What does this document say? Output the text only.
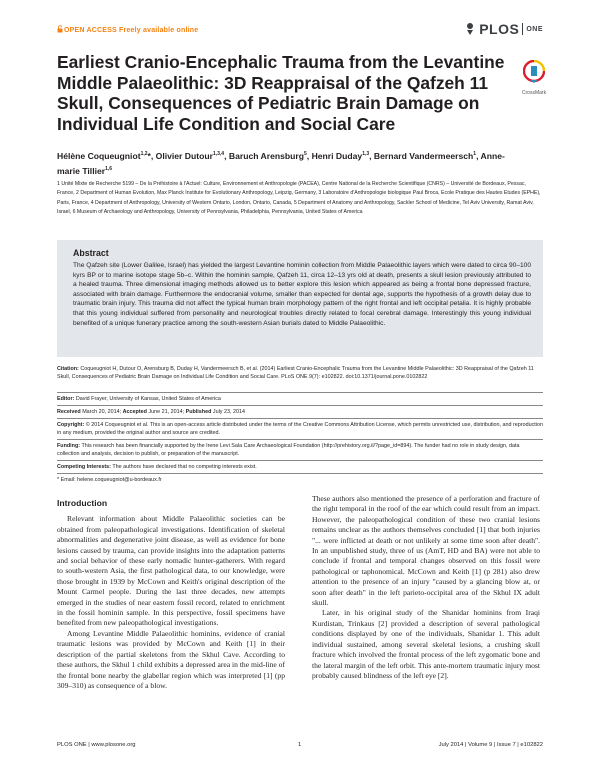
OPEN ACCESS Freely available online	PLOS ONE
Earliest Cranio-Encephalic Trauma from the Levantine Middle Palaeolithic: 3D Reappraisal of the Qafzeh 11 Skull, Consequences of Pediatric Brain Damage on Individual Life Condition and Social Care
CrossMark
Hélène Coqueugniot$^{1,2}$*, Olivier Dutour$^{1,3,4}$, Baruch Arensburg$^5$, Henri Duday$^{1,3}$, Bernard Vandermeersch$^1$, Anne-marie Tillier$^{1,6}$
1 Unité Mixte de Recherche 5199 – De la Préhistoire à l'Actuel: Culture, Environnement et Anthropologie (PACEA), Centre National de la Recherche Scientifique (CNRS) – Université de Bordeaux, Pessac, France, 2 Department of Human Evolution, Max Planck Institute for Evolutionary Anthropology, Leipzig, Germany, 3 Laboratoire d'Anthropologie biologique Paul Broca, Ecole Pratique des Hautes Etudes (EPHE), Paris, France, 4 Department of Anthropology, University of Western Ontario, London, Ontario, Canada, 5 Department of Anatomy and Anthropology, Sackler School of Medicine, Tel Aviv University, Ramat Aviv, Israel, 6 Museum of Archaeology and Anthropology, University of Pennsylvania, Philadelphia, Pennsylvania, United States of America
Abstract
The Qafzeh site (Lower Galilee, Israel) has yielded the largest Levantine hominin collection from Middle Palaeolithic layers which were dated to circa 90–100 kyrs BP or to marine isotope stage 5b–c. Within the hominin sample, Qafzeh 11, circa 12–13 yrs old at death, presents a skull lesion previously attributed to a healed trauma. Three dimensional imaging methods allowed us to better explore this lesion which appeared as being a frontal bone depressed fracture, associated with brain damage. Furthermore the endocranial volume, smaller than expected for dental age, supports the hypothesis of a growth delay due to traumatic brain injury. This trauma did not affect the typical human brain morphology pattern of the right frontal and left occipital petalia. It is highly probable that this young individual suffered from personality and neurological troubles directly related to focal cerebral damage. Interestingly this young individual benefited of a unique funerary practice among the south-western Asian burials dated to Middle Palaeolithic.
Citation: Coqueugniot H, Dutour O, Arensburg B, Duday H, Vandermeersch B, et al. (2014) Earliest Cranio-Encephalic Trauma from the Levantine Middle Palaeolithic: 3D Reappraisal of the Qafzeh 11 Skull, Consequences of Pediatric Brain Damage on Individual Life Condition and Social Care. PLoS ONE 9(7): e102822. doi:10.1371/journal.pone.0102822
Editor: David Frayer, University of Kansas, United States of America
Received March 20, 2014; Accepted June 21, 2014; Published July 23, 2014
Copyright: © 2014 Coqueugniot et al. This is an open-access article distributed under the terms of the Creative Commons Attribution License, which permits unrestricted use, distribution, and reproduction in any medium, provided the original author and source are credited.
Funding: This research has been financially supported by the Irene Levi Sala Care Archaeological Foundation (http://prehistory.org.il/?page_id=894). The funder had no role in study design, data collection and analysis, decision to publish, or preparation of the manuscript.
Competing Interests: The authors have declared that no competing interests exist.
* Email: helene.coqueugniot@u-bordeaux.fr
Introduction

Relevant information about Middle Palaeolithic societies can be obtained from paleopathological investigations. Identification of skeletal abnormalities and degenerative joint disease, as well as evidence for bone lesions caused by trauma, can provide insights into the adaptation patterns and social behavior of these early nomadic hunter-gatherers. With regard to south-western Asia, the first pathological data, to our knowledge, were those brought in 1939 by McCown and Keith's original description of the Mount Carmel people. During the last three decades, new attempts emerged in the studies of near eastern fossil record, related to enrichment in the fossil hominin sample. In this perspective, fossil specimens have benefited from new paleopathological investigations.

Among Levantine Middle Palaeolithic hominins, evidence of cranial traumatic lesions was provided by McCown and Keith [1] in their description of the partial skeletons from the Skhul Cave. According to these authors, the Skhul 1 child exhibits a depressed area in the mid-line of the frontal bone nearby the glabellar region which was interpreted [1] (pp 309–310) as consequence of a blow.

These authors also mentioned the presence of a perforation and fracture of the right temporal in the roof of the ear which could result from an impact. However, the paleopathological condition of these two cranial lesions remains unclear as the authors themselves concluded [1] that both injuries "... were inflicted at death or not unlikely at some time soon after death". In an unpublished study, three of us (AmT, HD and BA) were not able to conclude if frontal and temporal changes observed on this fossil were pathological or taphonomical. McCown and Keith [1] (p 281) also drew attention to the presence of an injury "caused by a glancing blow at, or soon after death" in the left parieto-occipital area of the Skhul IX adult skull.

Later, in his original study of the Shanidar hominins from Iraqi Kurdistan, Trinkaus [2] provided a description of several pathological conditions displayed by one of the individuals, Shanidar 1. This adult individual sustained, among several skeletal lesions, a crushing skull fracture which involved the frontal process of the left zygomatic bone and the lateral margin of the left orbit. This ante-mortem traumatic injury most probably caused blindness of the left eye [2].

PLOS ONE | www.plosone.org	1	July 2014 | Volume 9 | Issue 7 | e102822
